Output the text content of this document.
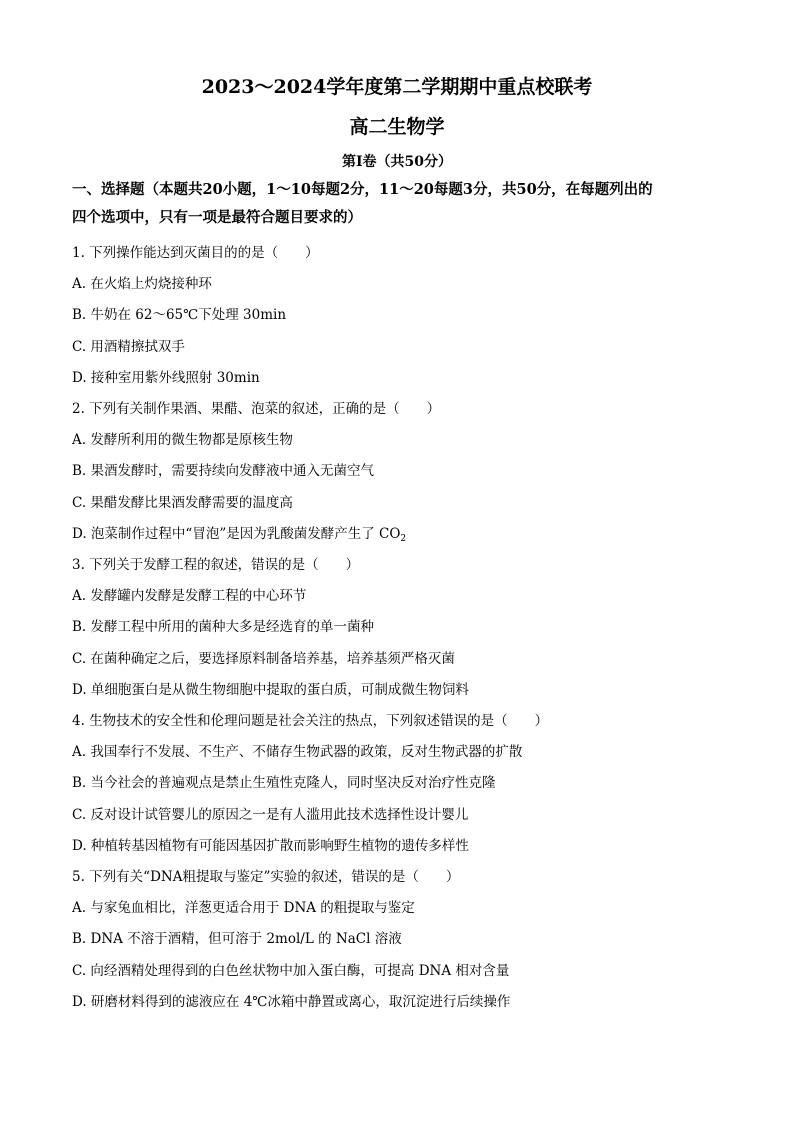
2023～2024学年度第二学期期中重点校联考
高二生物学
第I卷（共50分）
一、选择题（本题共20小题，1～10每题2分，11～20每题3分，共50分，在每题列出的
四个选项中，只有一项是最符合题目要求的）
1. 下列操作能达到灭菌目的的是（　　）
A. 在火焰上灼烧接种环
B. 牛奶在 62～65℃下处理 30min
C. 用酒精擦拭双手
D. 接种室用紫外线照射 30min
2. 下列有关制作果酒、果醋、泡菜的叙述，正确的是（　　）
A. 发酵所利用的微生物都是原核生物
B. 果酒发酵时，需要持续向发酵液中通入无菌空气
C. 果醋发酵比果酒发酵需要的温度高
D. 泡菜制作过程中“冒泡”是因为乳酸菌发酵产生了 $CO_2$
3. 下列关于发酵工程的叙述，错误的是（　　）
A. 发酵罐内发酵是发酵工程的中心环节
B. 发酵工程中所用的菌种大多是经选育的单一菌种
C. 在菌种确定之后，要选择原料制备培养基，培养基须严格灭菌
D. 单细胞蛋白是从微生物细胞中提取的蛋白质，可制成微生物饲料
4. 生物技术的安全性和伦理问题是社会关注的热点，下列叙述错误的是（　　）
A. 我国奉行不发展、不生产、不储存生物武器的政策，反对生物武器的扩散
B. 当今社会的普遍观点是禁止生殖性克隆人，同时坚决反对治疗性克隆
C. 反对设计试管婴儿的原因之一是有人滥用此技术选择性设计婴儿
D. 种植转基因植物有可能因基因扩散而影响野生植物的遗传多样性
5. 下列有关“DNA粗提取与鉴定”实验的叙述，错误的是（　　）
A. 与家兔血相比，洋葱更适合用于 DNA 的粗提取与鉴定
B. DNA 不溶于酒精，但可溶于 2mol/L 的 NaCl 溶液
C. 向经酒精处理得到的白色丝状物中加入蛋白酶，可提高 DNA 相对含量
D. 研磨材料得到的滤液应在 4℃冰箱中静置或离心，取沉淀进行后续操作
